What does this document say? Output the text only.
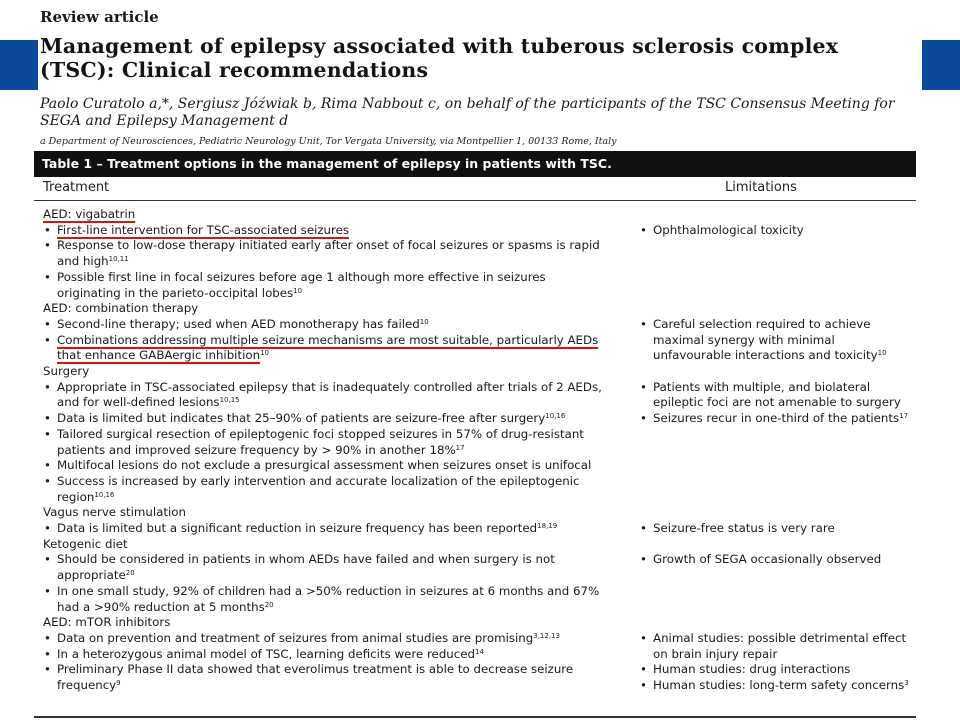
Review article
Management of epilepsy associated with tuberous sclerosis complex (TSC): Clinical recommendations
Paolo Curatolo a,*, Sergiusz Jóźwiak b, Rima Nabbout c, on behalf of the participants of the TSC Consensus Meeting for SEGA and Epilepsy Management d
a Department of Neurosciences, Pediatric Neurology Unit, Tor Vergata University, via Montpellier 1, 00133 Rome, Italy
Table 1 – Treatment options in the management of epilepsy in patients with TSC.
Treatment	Limitations
AED: vigabatrin
• First-line intervention for TSC-associated seizures
• Response to low-dose therapy initiated early after onset of focal seizures or spasms is rapid and high$^{10,11}$
• Possible first line in focal seizures before age 1 although more effective in seizures originating in the parieto-occipital lobes$^{10}$
• Ophthalmological toxicity
AED: combination therapy
• Second-line therapy; used when AED monotherapy has failed$^{10}$
• Combinations addressing multiple seizure mechanisms are most suitable, particularly AEDs that enhance GABAergic inhibition$^{10}$
• Careful selection required to achieve maximal synergy with minimal unfavourable interactions and toxicity$^{10}$
Surgery
• Appropriate in TSC-associated epilepsy that is inadequately controlled after trials of 2 AEDs, and for well-defined lesions$^{10,15}$
• Data is limited but indicates that 25–90% of patients are seizure-free after surgery$^{10,16}$
• Tailored surgical resection of epileptogenic foci stopped seizures in 57% of drug-resistant patients and improved seizure frequency by > 90% in another 18%$^{17}$
• Multifocal lesions do not exclude a presurgical assessment when seizures onset is unifocal
• Success is increased by early intervention and accurate localization of the epileptogenic region$^{10,16}$
• Patients with multiple, and biolateral epileptic foci are not amenable to surgery
• Seizures recur in one-third of the patients$^{17}$
Vagus nerve stimulation
• Data is limited but a significant reduction in seizure frequency has been reported$^{18,19}$
•	Seizure-free status is very rare
Ketogenic diet
• Should be considered in patients in whom AEDs have failed and when surgery is not appropriate$^{20}$
• In one small study, 92% of children had a >50% reduction in seizures at 6 months and 67% had a >90% reduction at 5 months$^{20}$
• Growth of SEGA occasionally observed
AED: mTOR inhibitors
• Data on prevention and treatment of seizures from animal studies are promising$^{3,12,13}$
• In a heterozygous animal model of TSC, learning deficits were reduced$^{14}$
• Preliminary Phase II data showed that everolimus treatment is able to decrease seizure frequency$^9$
• Animal studies: possible detrimental effect on brain injury repair
• Human studies: drug interactions
• Human studies: long-term safety concerns$^3$
